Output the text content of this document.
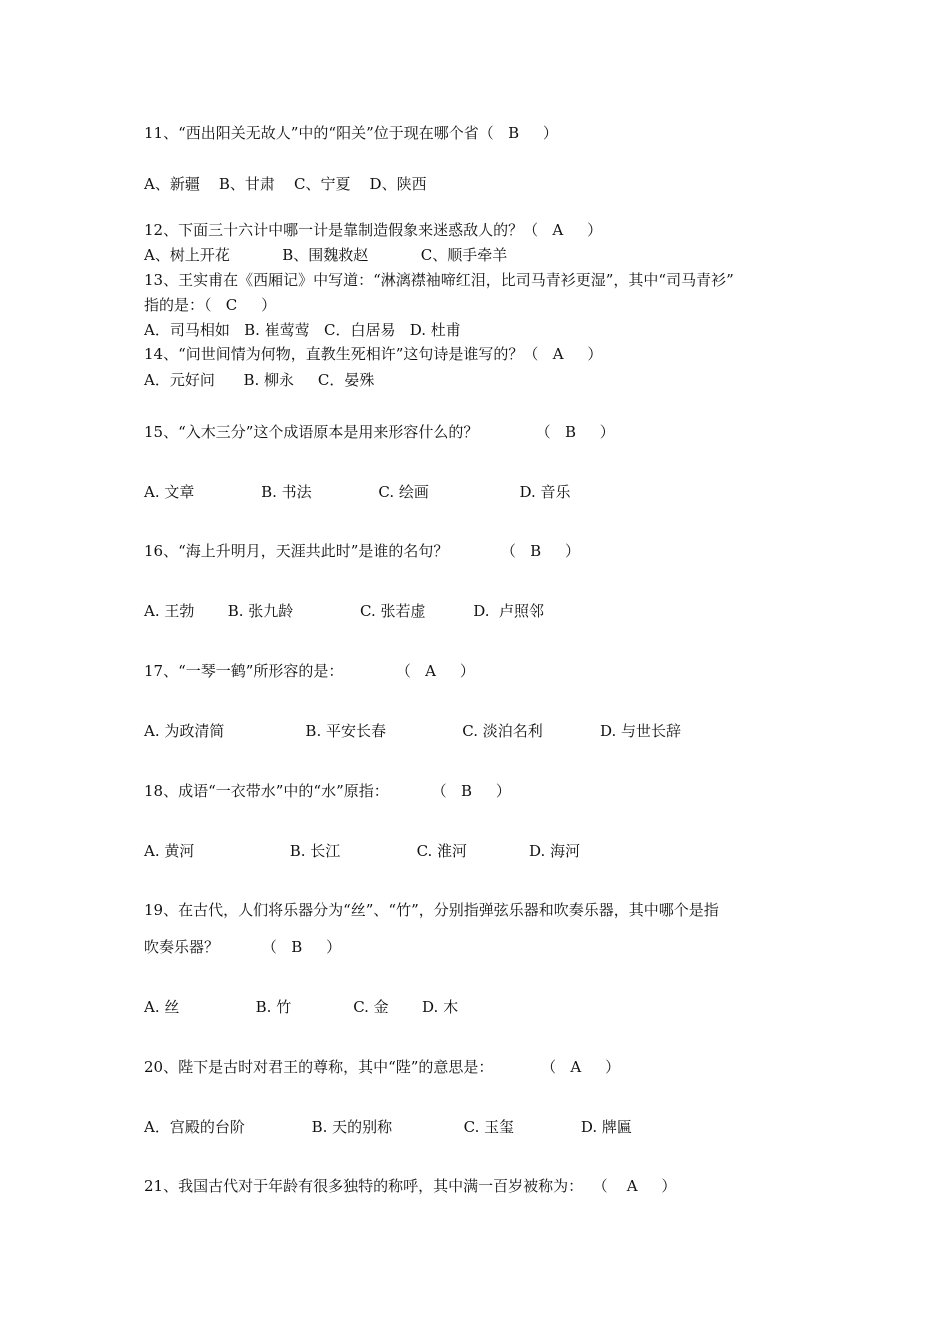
11、“西出阳关无故人”中的“阳关”位于现在哪个省（   B     ）
A、新疆    B、甘肃    C、宁夏    D、陕西
12、下面三十六计中哪一计是靠制造假象来迷惑敌人的？（   A     ）
A、树上开花           B、围魏救赵           C、顺手牵羊
13、王实甫在《西厢记》中写道：“淋漓襟袖啼红泪，比司马青衫更湿”，其中“司马青衫”
指的是：（   C     ）
A．司马相如   B. 崔莺莺   C．白居易   D. 杜甫
14、“问世间情为何物，直教生死相许”这句诗是谁写的？（   A     ）
A．元好问      B. 柳永     C．晏殊
15、“入木三分”这个成语原本是用来形容什么的？            （   B     ）
A. 文章              B. 书法              C. 绘画                   D. 音乐
16、“海上升明月，天涯共此时”是谁的名句？           （   B     ）
A. 王勃       B. 张九龄              C. 张若虚          D.  卢照邻
17、“一琴一鹤”所形容的是：           （   A     ）
A. 为政清简                 B. 平安长春                C. 淡泊名利            D. 与世长辞
18、成语“一衣带水”中的“水”原指：         （   B     ）
A. 黄河                    B. 长江                C. 淮河             D. 海河
19、在古代，人们将乐器分为“丝”、“竹”，分别指弹弦乐器和吹奏乐器，其中哪个是指
吹奏乐器？         （   B     ）
A. 丝                B. 竹             C. 金       D. 木
20、陛下是古时对君王的尊称，其中“陛”的意思是：          （   A     ）
A．宫殿的台阶              B. 天的别称               C. 玉玺              D. 牌匾
21、我国古代对于年龄有很多独特的称呼，其中满一百岁被称为：  （    A     ）
